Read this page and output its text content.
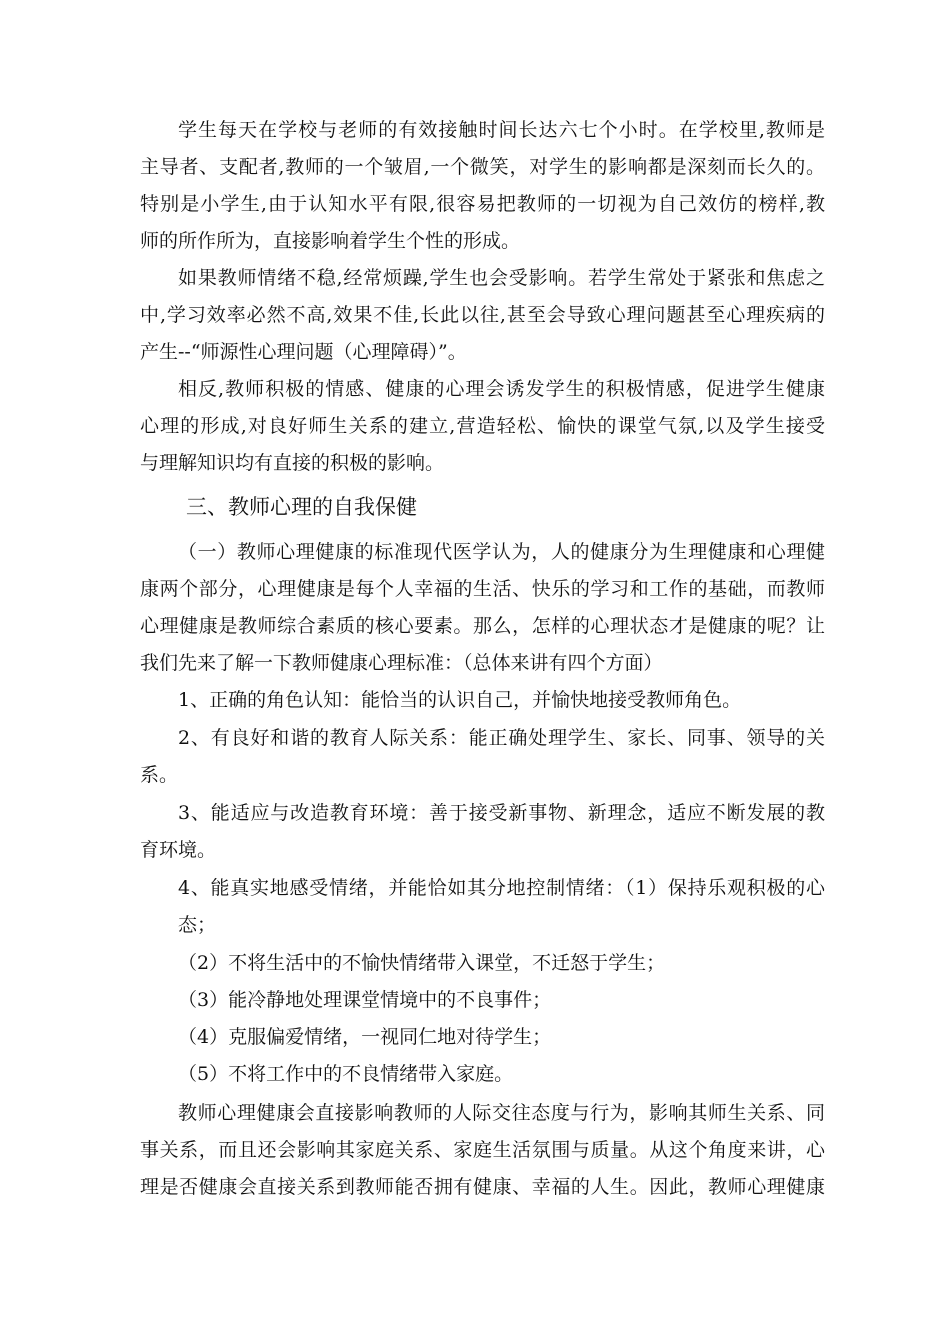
学生每天在学校与老师的有效接触时间长达六七个小时。在学校里,教师是
主导者、支配者,教师的一个皱眉,一个微笑，对学生的影响都是深刻而长久的。
特别是小学生,由于认知水平有限,很容易把教师的一切视为自己效仿的榜样,教
师的所作所为，直接影响着学生个性的形成。
如果教师情绪不稳,经常烦躁,学生也会受影响。若学生常处于紧张和焦虑之
中,学习效率必然不高,效果不佳,长此以往,甚至会导致心理问题甚至心理疾病的
产生--“师源性心理问题（心理障碍）”。
相反,教师积极的情感、健康的心理会诱发学生的积极情感，促进学生健康
心理的形成,对良好师生关系的建立,营造轻松、愉快的课堂气氛,以及学生接受
与理解知识均有直接的积极的影响。
三、教师心理的自我保健
（一）教师心理健康的标准现代医学认为，人的健康分为生理健康和心理健
康两个部分，心理健康是每个人幸福的生活、快乐的学习和工作的基础，而教师
心理健康是教师综合素质的核心要素。那么，怎样的心理状态才是健康的呢？让
我们先来了解一下教师健康心理标准：（总体来讲有四个方面）
1、正确的角色认知：能恰当的认识自己，并愉快地接受教师角色。
2、有良好和谐的教育人际关系：能正确处理学生、家长、同事、领导的关
系。
3、能适应与改造教育环境：善于接受新事物、新理念，适应不断发展的教
育环境。
4、能真实地感受情绪，并能恰如其分地控制情绪：（1）保持乐观积极的心
态；
（2）不将生活中的不愉快情绪带入课堂，不迁怒于学生；
（3）能冷静地处理课堂情境中的不良事件；
（4）克服偏爱情绪，一视同仁地对待学生；
（5）不将工作中的不良情绪带入家庭。
教师心理健康会直接影响教师的人际交往态度与行为，影响其师生关系、同
事关系，而且还会影响其家庭关系、家庭生活氛围与质量。从这个角度来讲，心
理是否健康会直接关系到教师能否拥有健康、幸福的人生。因此，教师心理健康
